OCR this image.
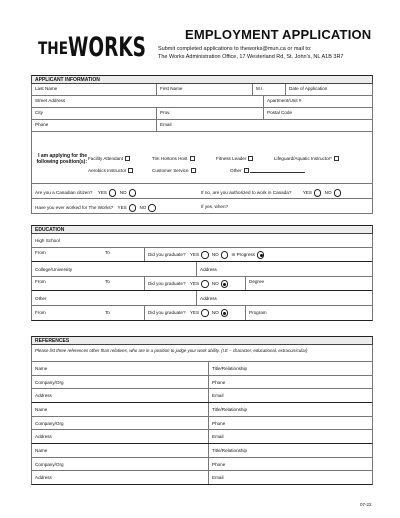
THE WORKS	EMPLOYMENT APPLICATION
Submit completed applications to theworks@mun.ca or mail to:
The Works Administration Office, 17 Westerland Rd, St. John's, NL A1B 3R7
APPLICANT INFORMATION
Last Name	First Name	M.I.	Date of Application
Street Address	Apartment/Unit #
City	Prov.	Postal Code
Phone	Email
I am applying for the following position(s): Facility Attendant	Tim Hortons Host	Fitness Leader	Lifeguard/Aquatic Instructor*
Aerobics Instructor	Customer Service	Other
Are you a Canadian citizen? YES	NO	If no, are you authorized to work in Canada? YES	NO
Have you ever worked for The Works? YES	NO	If yes, when?
EDUCATION
High School
From	To	Did you graduate? YES	NO	In Progress
College/University	Address
From	To	Did you graduate? YES	NO	Degree
Other	Address
From	To	Did you graduate? YES	NO	Program
REFERENCES
Please list three references other than relatives, who are in a position to judge your work ability. (I.E – character, educational, extracurricular)
Name	Title/Relationship
Company/Org	Phone
Address	Email
Name	Title/Relationship
Company/Org	Phone
Address	Email
Name	Title/Relationship
Company/Org	Phone
Address	Email
07-22
